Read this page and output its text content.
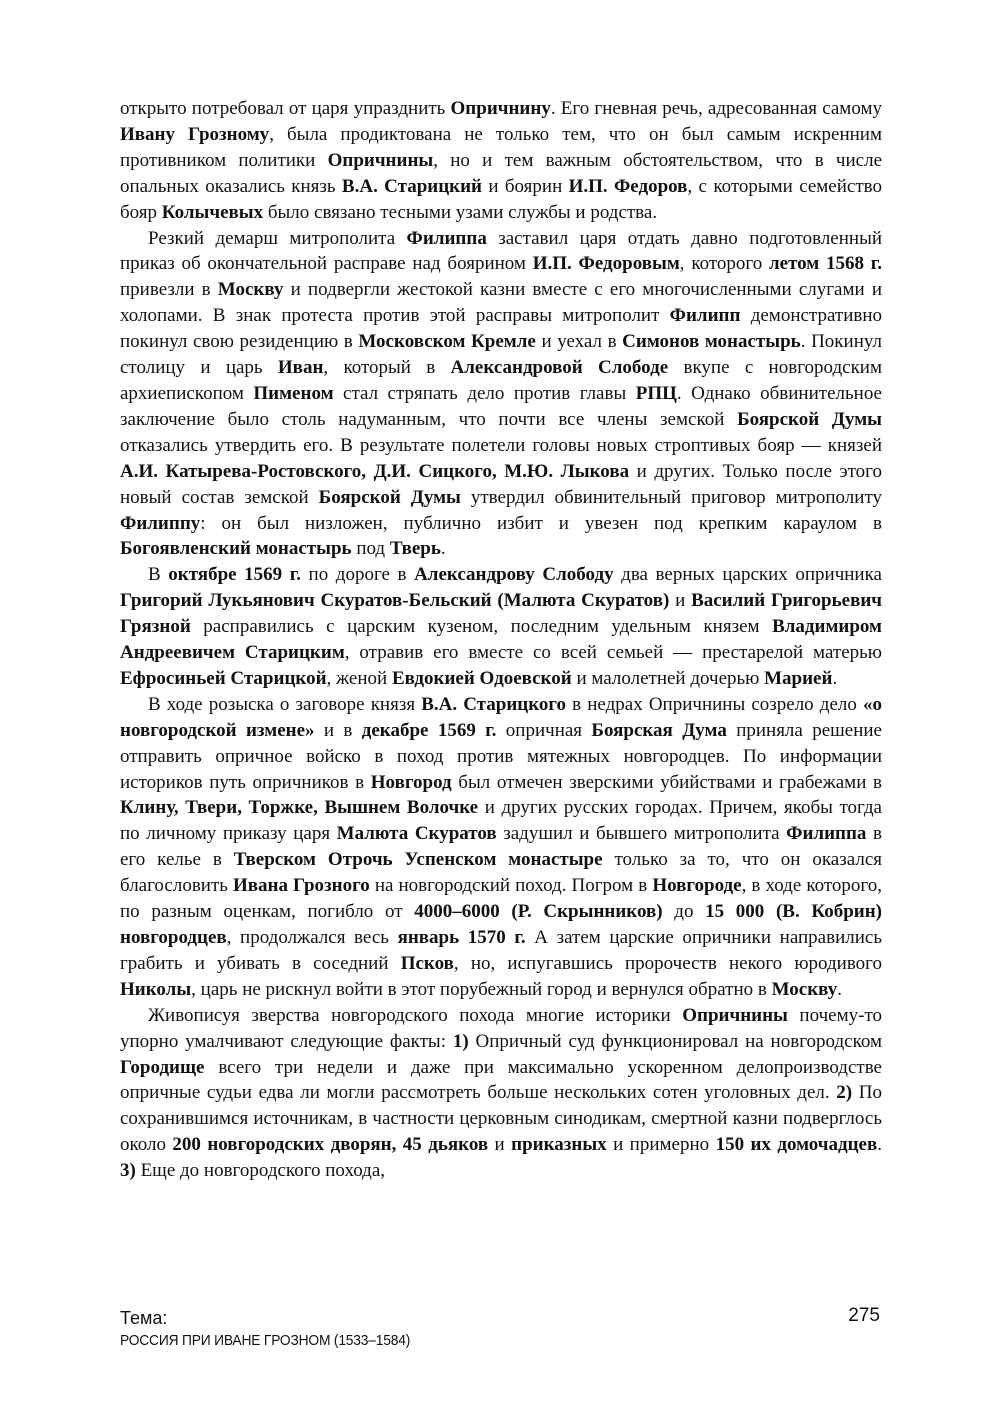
открыто потребовал от царя упразднить Опричнину. Его гневная речь, адресованная самому Ивану Грозному, была продиктована не только тем, что он был самым искренним противником политики Опричнины, но и тем важным обстоятельством, что в числе опальных оказались князь В.А. Старицкий и боярин И.П. Федоров, с которыми семейство бояр Колычевых было связано тесными узами службы и родства.

Резкий демарш митрополита Филиппа заставил царя отдать давно подготовленный приказ об окончательной расправе над боярином И.П. Федоровым, которого летом 1568 г. привезли в Москву и подвергли жестокой казни вместе с его многочисленными слугами и холопами. В знак протеста против этой расправы митрополит Филипп демонстративно покинул свою резиденцию в Московском Кремле и уехал в Симонов монастырь. Покинул столицу и царь Иван, который в Александровой Слободе вкупе с новгородским архиепископом Пименом стал стряпать дело против главы РПЦ. Однако обвинительное заключение было столь надуманным, что почти все члены земской Боярской Думы отказались утвердить его. В результате полетели головы новых строптивых бояр — князей А.И. Катырева-Ростовского, Д.И. Сицкого, М.Ю. Лыкова и других. Только после этого новый состав земской Боярской Думы утвердил обвинительный приговор митрополиту Филиппу: он был низложен, публично избит и увезен под крепким караулом в Богоявленский монастырь под Тверь.

В октябре 1569 г. по дороге в Александрову Слободу два верных царских опричника Григорий Лукьянович Скуратов-Бельский (Малюта Скуратов) и Василий Григорьевич Грязной расправились с царским кузеном, последним удельным князем Владимиром Андреевичем Старицким, отравив его вместе со всей семьей — престарелой матерью Ефросиньей Старицкой, женой Евдокией Одоевской и малолетней дочерью Марией.

В ходе розыска о заговоре князя В.А. Старицкого в недрах Опричнины созрело дело «о новгородской измене» и в декабре 1569 г. опричная Боярская Дума приняла решение отправить опричное войско в поход против мятежных новгородцев. По информации историков путь опричников в Новгород был отмечен зверскими убийствами и грабежами в Клину, Твери, Торжке, Вышнем Волочке и других русских городах. Причем, якобы тогда по личному приказу царя Малюта Скуратов задушил и бывшего митрополита Филиппа в его келье в Тверском Отрочь Успенском монастыре только за то, что он оказался благословить Ивана Грозного на новгородский поход. Погром в Новгороде, в ходе которого, по разным оценкам, погибло от 4000–6000 (Р. Скрынников) до 15 000 (В. Кобрин) новгородцев, продолжался весь январь 1570 г. А затем царские опричники направились грабить и убивать в соседний Псков, но, испугавшись пророчеств некого юродивого Николы, царь не рискнул войти в этот порубежный город и вернулся обратно в Москву.

Живописуя зверства новгородского похода многие историки Опричнины почему-то упорно умалчивают следующие факты: 1) Опричный суд функционировал на новгородском Городище всего три недели и даже при максимально ускоренном делопроизводстве опричные судьи едва ли могли рассмотреть больше нескольких сотен уголовных дел. 2) По сохранившимся источникам, в частности церковным синодикам, смертной казни подверглось около 200 новгородских дворян, 45 дьяков и приказных и примерно 150 их домочадцев. 3) Еще до новгородского похода,

Тема:
РОССИЯ ПРИ ИВАНЕ ГРОЗНОМ (1533–1584)
275
